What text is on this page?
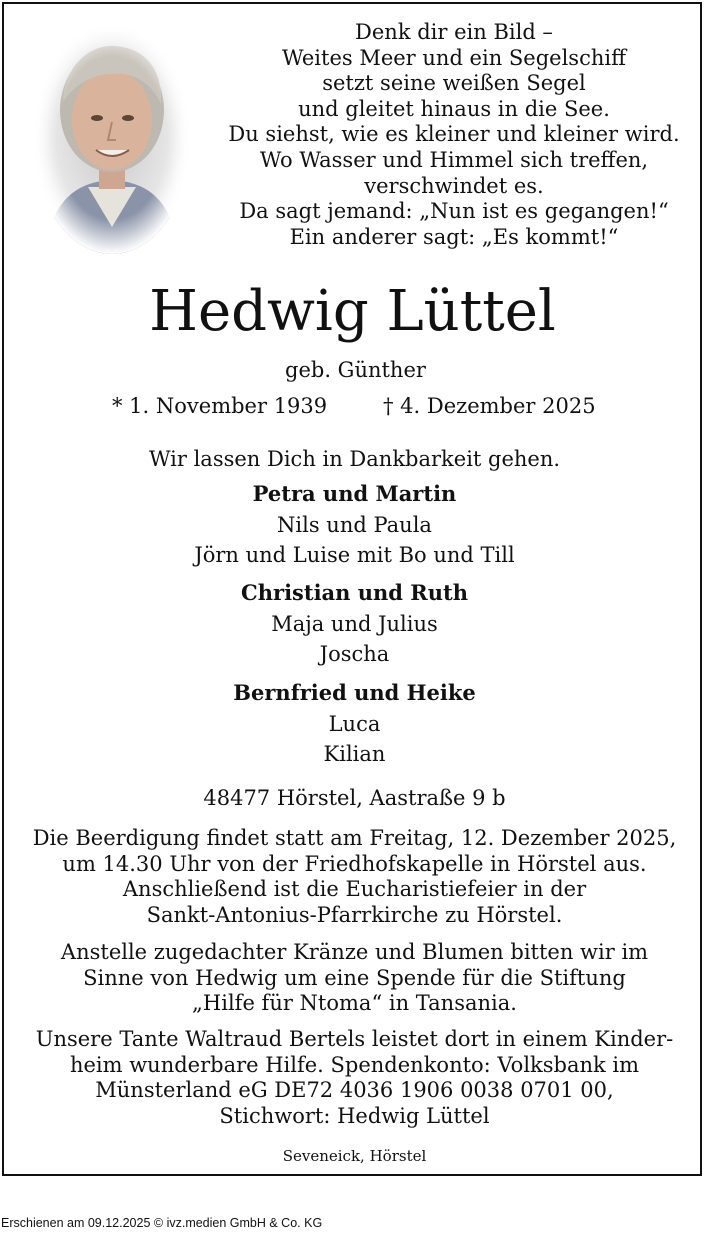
Denk dir ein Bild –
Weites Meer und ein Segelschiff
setzt seine weißen Segel
und gleitet hinaus in die See.
Du siehst, wie es kleiner und kleiner wird.
Wo Wasser und Himmel sich treffen,
verschwindet es.
Da sagt jemand: „Nun ist es gegangen!“
Ein anderer sagt: „Es kommt!“
Hedwig Lüttel
geb. Günther
* 1. November 1939	† 4. Dezember 2025
Wir lassen Dich in Dankbarkeit gehen.
Petra und Martin
Nils und Paula
Jörn und Luise mit Bo und Till
Christian und Ruth
Maja und Julius
Joscha
Bernfried und Heike
Luca
Kilian
48477 Hörstel, Aastraße 9 b
Die Beerdigung findet statt am Freitag, 12. Dezember 2025,
um 14.30 Uhr von der Friedhofskapelle in Hörstel aus.
Anschließend ist die Eucharistiefeier in der
Sankt-Antonius-Pfarrkirche zu Hörstel.
Anstelle zugedachter Kränze und Blumen bitten wir im
Sinne von Hedwig um eine Spende für die Stiftung
„Hilfe für Ntoma“ in Tansania.
Unsere Tante Waltraud Bertels leistet dort in einem Kinder-
heim wunderbare Hilfe. Spendenkonto: Volksbank im
Münsterland eG DE72 4036 1906 0038 0701 00,
Stichwort: Hedwig Lüttel
Seveneick, Hörstel
Erschienen am 09.12.2025 © ivz.medien GmbH & Co. KG
